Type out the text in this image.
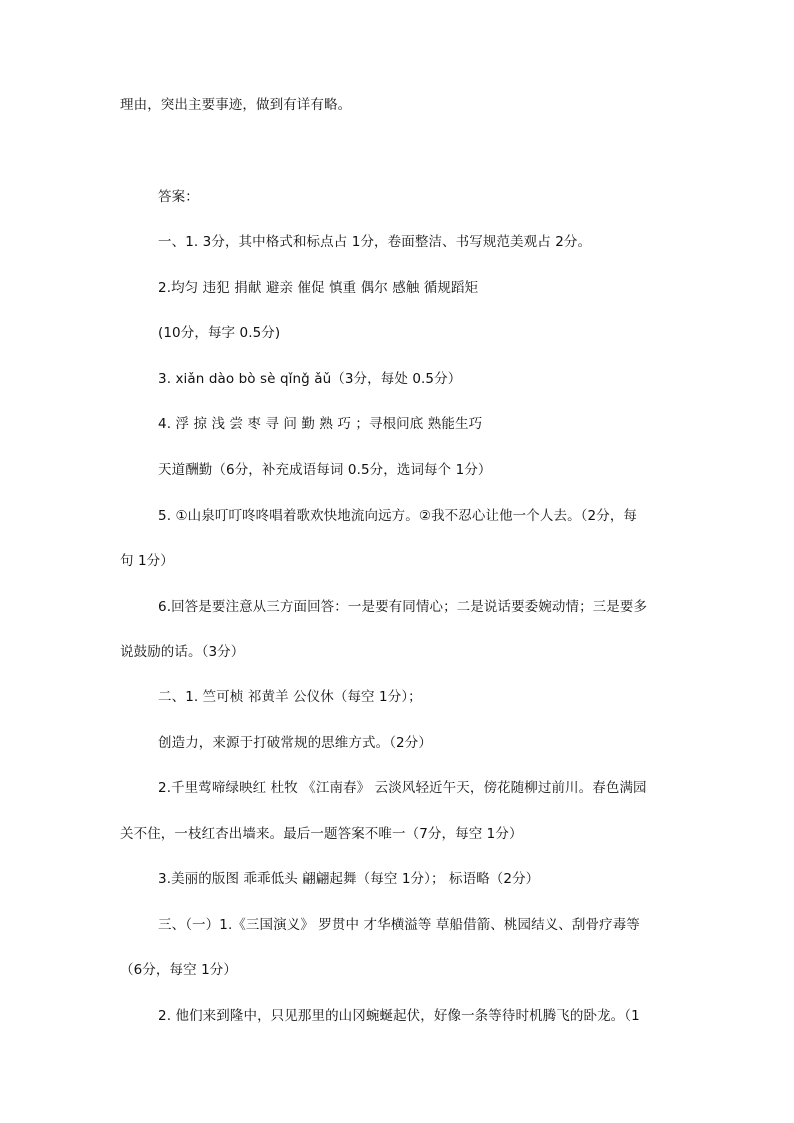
理由，突出主要事迹，做到有详有略。
答案：
一、1. 3分，其中格式和标点占 1分，卷面整洁、书写规范美观占 2分。
2.均匀 违犯 捐献 避亲 催促 慎重 偶尔 感触 循规蹈矩
(10分，每字 0.5分)
3. xiǎn dào bò sè qǐnǧ ǎǔ（3分，每处 0.5分）
4. 浮 掠 浅 尝 枣 寻 问 勤 熟 巧 ；寻根问底 熟能生巧
天道酬勤（6分，补充成语每词 0.5分，选词每个 1分）
5. ①山泉叮叮咚咚唱着歌欢快地流向远方。②我不忍心让他一个人去。（2分，每
句 1分）
6.回答是要注意从三方面回答：一是要有同情心；二是说话要委婉动情；三是要多
说鼓励的话。（3分）
二、1. 竺可桢 祁黄羊 公仪休（每空 1分）；
创造力，来源于打破常规的思维方式。（2分）
2.千里莺啼绿映红 杜牧 《江南春》 云淡风轻近午天，傍花随柳过前川。春色满园
关不住，一枝红杏出墙来。最后一题答案不唯一（7分，每空 1分）
3.美丽的版图 乖乖低头 翩翩起舞（每空 1分）； 标语略（2分）
三、（一）1.《三国演义》 罗贯中 才华横溢等 草船借箭、桃园结义、刮骨疗毒等
（6分，每空 1分）
2. 他们来到隆中，只见那里的山冈蜿蜒起伏，好像一条等待时机腾飞的卧龙。（1
